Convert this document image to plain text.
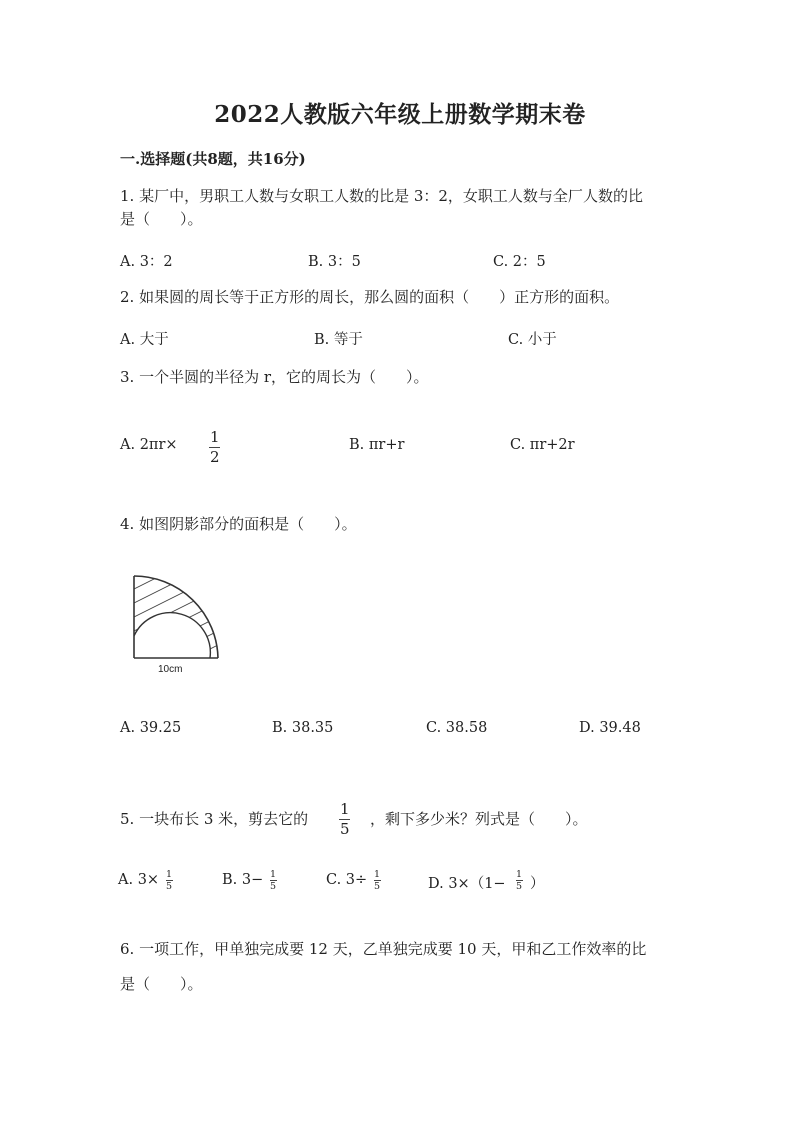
2022人教版六年级上册数学期末卷
一.选择题(共8题，共16分)
1. 某厂中，男职工人数与女职工人数的比是 3：2，女职工人数与全厂人数的比
是（　　）。
A. 3：2	B. 3：5	C. 2：5
2. 如果圆的周长等于正方形的周长，那么圆的面积（　　）正方形的面积。
A. 大于	B. 等于	C. 小于
3. 一个半圆的半径为 r，它的周长为（　　）。
A. 2πr× 1
2
B. πr+r	C. πr+2r
4. 如图阴影部分的面积是（　　）。
10cm
A. 39.25	B. 38.35	C. 38.58	D. 39.48
5. 一块布长 3 米，剪去它的
1
5
，剩下多少米？列式是（　　）。
A. 3× 1
5	B. 3− 1
5	C. 3÷ 1
5	D. 3×（1−
1
5 ）
6. 一项工作，甲单独完成要 12 天，乙单独完成要 10 天，甲和乙工作效率的比
是（　　）。
